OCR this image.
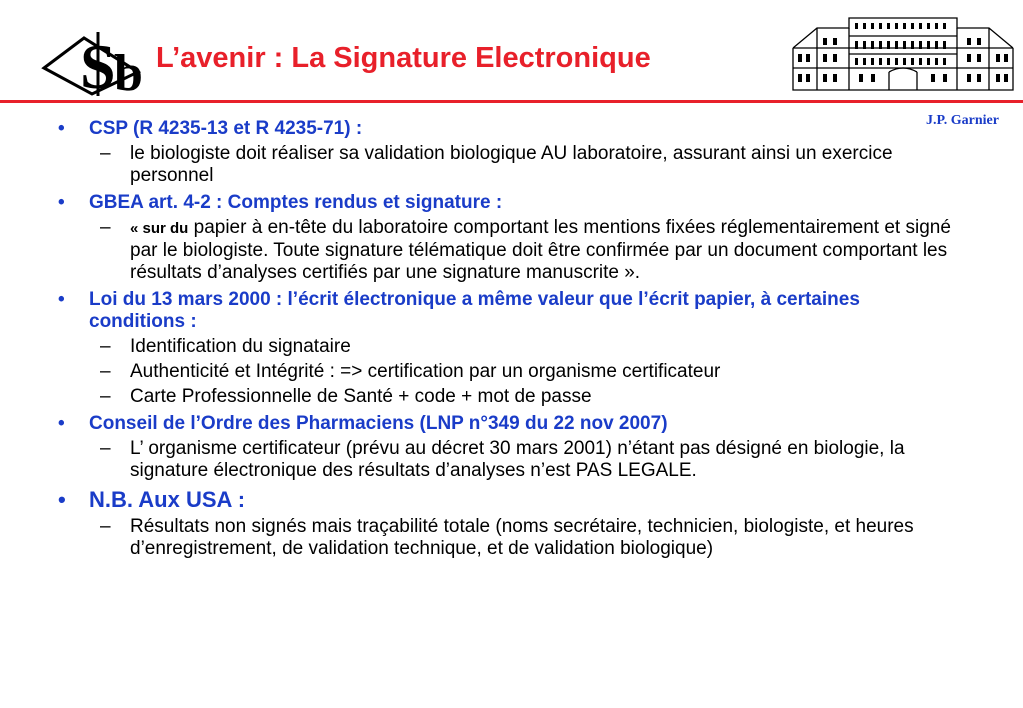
S
b L’avenir : La Signature Electronique
J.P. Garnier
• CSP (R 4235-13 et R 4235-71) :
– le biologiste doit réaliser sa validation biologique AU laboratoire, assurant ainsi un exercice personnel
• GBEA art. 4-2 : Comptes rendus et signature :
– « sur du papier à en-tête du laboratoire comportant les mentions fixées réglementairement et signé par le biologiste. Toute signature télématique doit être confirmée par un document comportant les résultats d’analyses certifiés par une signature manuscrite ».
• Loi du 13 mars 2000 : l’écrit électronique a même valeur que l’écrit papier, à certaines conditions :
– Identification du signataire
– Authenticité et Intégrité : => certification par un organisme certificateur
– Carte Professionnelle de Santé + code + mot de passe
• Conseil de l’Ordre des Pharmaciens (LNP n°349 du 22 nov 2007)
– L’ organisme certificateur (prévu au décret 30 mars 2001) n’étant pas désigné en biologie, la signature électronique des résultats d’analyses n’est PAS LEGALE.
• N.B. Aux USA :
– Résultats non signés mais traçabilité totale (noms secrétaire, technicien, biologiste, et heures d’enregistrement, de validation technique, et de validation biologique)
